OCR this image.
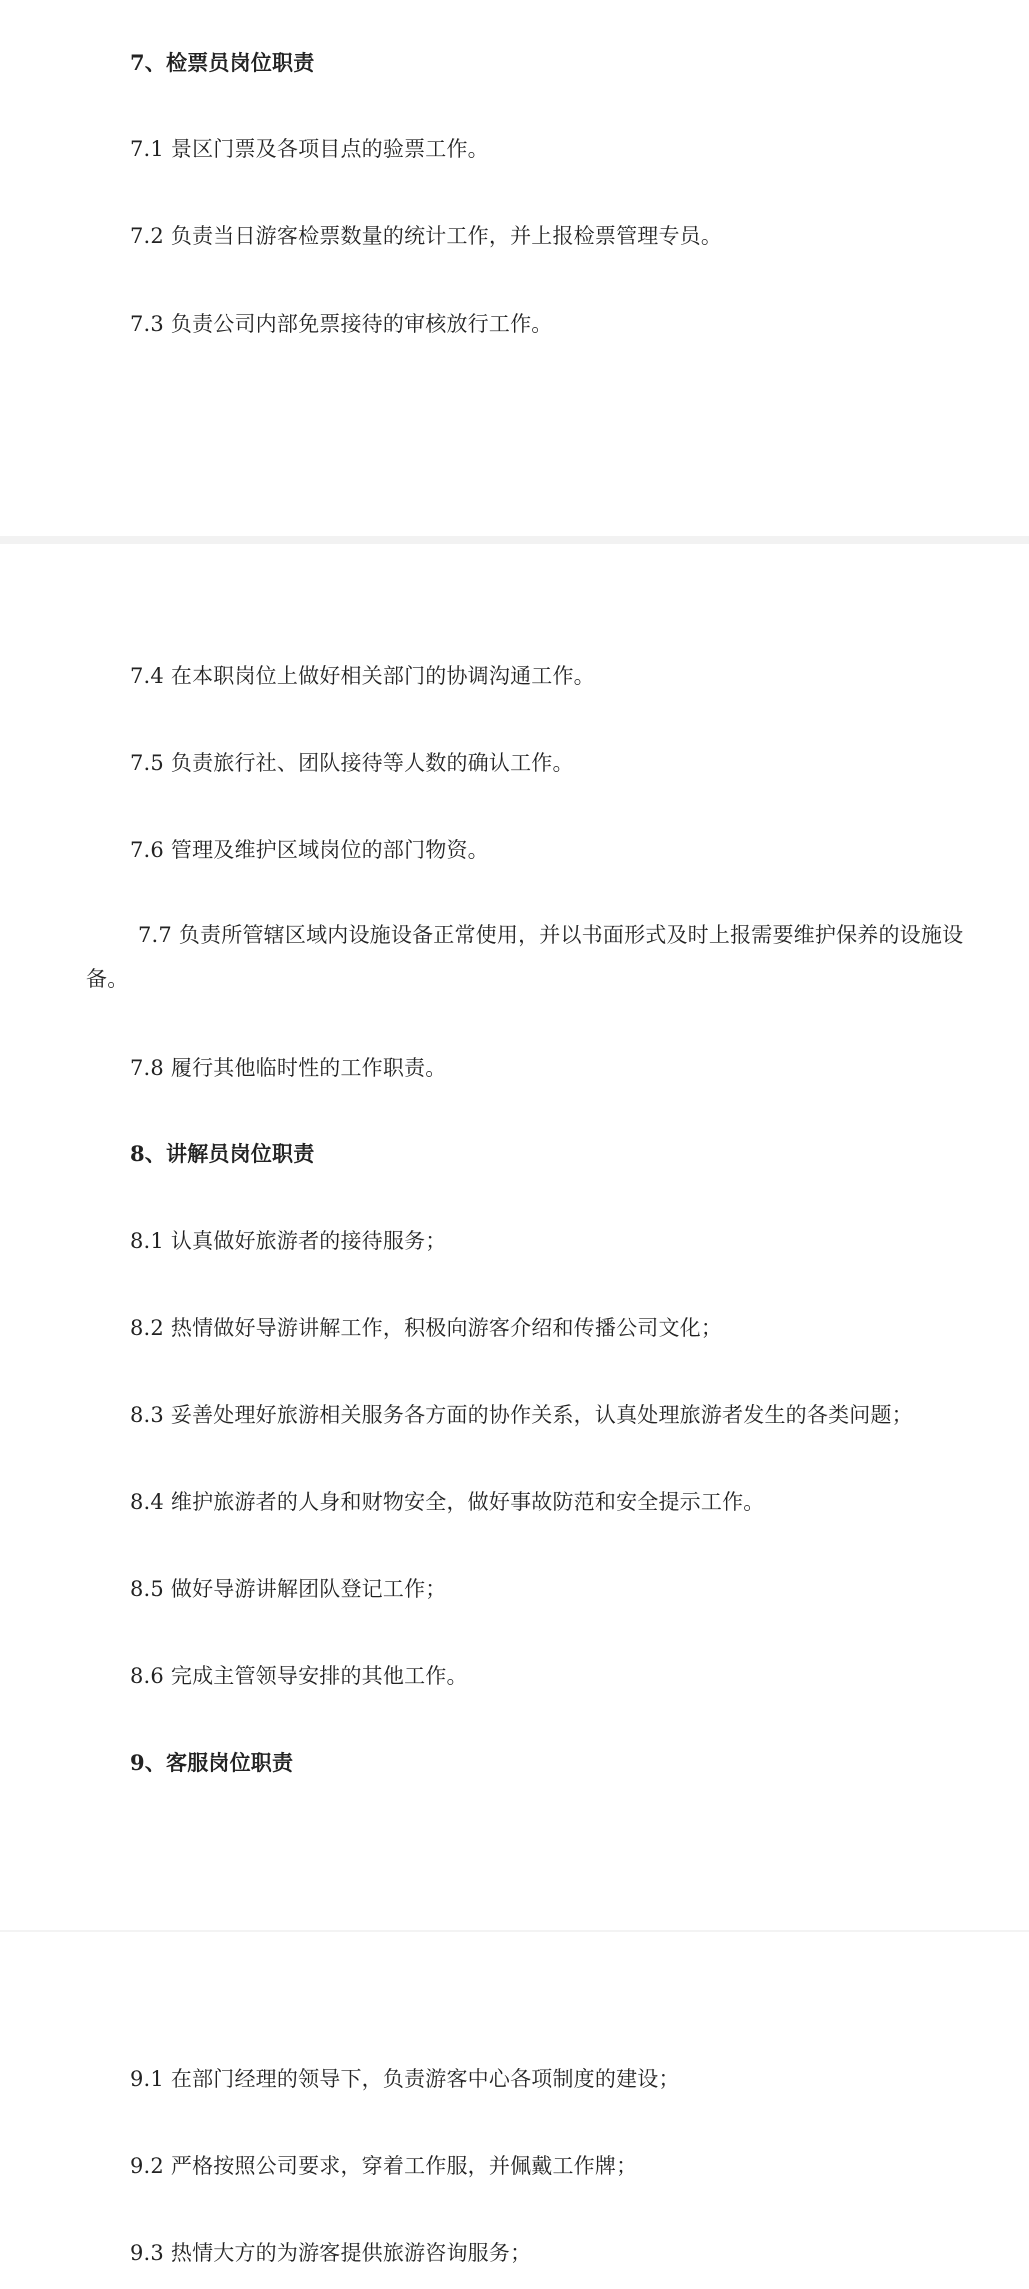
7、检票员岗位职责
7.1 景区门票及各项目点的验票工作。
7.2 负责当日游客检票数量的统计工作，并上报检票管理专员。
7.3 负责公司内部免票接待的审核放行工作。
7.4 在本职岗位上做好相关部门的协调沟通工作。
7.5 负责旅行社、团队接待等人数的确认工作。
7.6 管理及维护区域岗位的部门物资。
7.7 负责所管辖区域内设施设备正常使用，并以书面形式及时上报需要维护保养的设施设备。
7.8 履行其他临时性的工作职责。
8、讲解员岗位职责
8.1 认真做好旅游者的接待服务；
8.2 热情做好导游讲解工作，积极向游客介绍和传播公司文化；
8.3 妥善处理好旅游相关服务各方面的协作关系，认真处理旅游者发生的各类问题；
8.4 维护旅游者的人身和财物安全，做好事故防范和安全提示工作。
8.5 做好导游讲解团队登记工作；
8.6 完成主管领导安排的其他工作。
9、客服岗位职责
9.1 在部门经理的领导下，负责游客中心各项制度的建设；
9.2 严格按照公司要求，穿着工作服，并佩戴工作牌；
9.3 热情大方的为游客提供旅游咨询服务；
